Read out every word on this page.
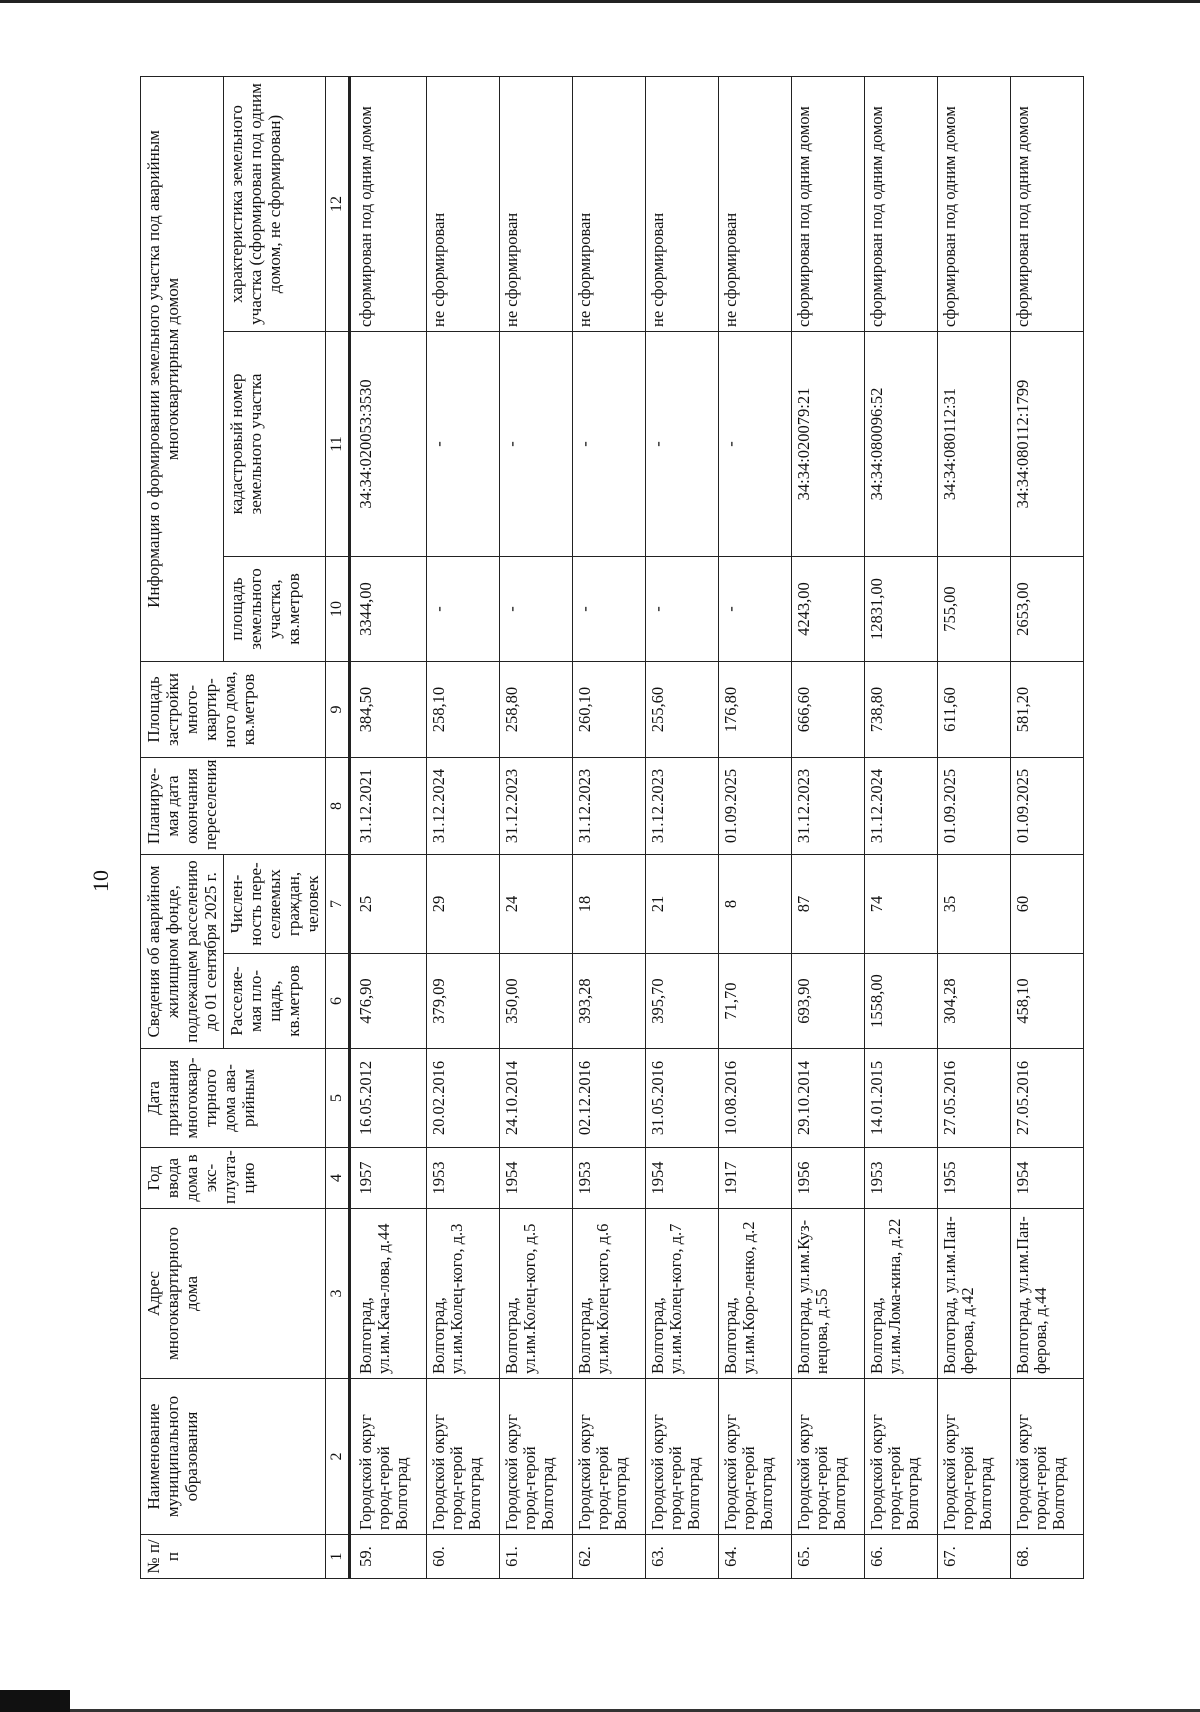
10
№ п/п	Наименование муниципального образования	Адрес многоквартирного дома	Год ввода дома в экс-плуата-цию	Дата признания многоквар-тирного дома ава-рийным	Сведения об аварийном жилищном фонде, подлежащем расселению до 01 сентября 2025 г.		Планируе-мая дата окончания переселения	Площадь застройки много-квартир-ного дома, кв.метров	Информация о формировании земельного участка под аварийным многоквартирным домом		
					Расселяе-мая пло-щадь, кв.метров	Числен-ность пере-селяемых граждан, человек			площадь земельного участка, кв.метров	кадастровый номер земельного участка	характеристика земельного участка (сформирован под одним домом, не сформирован)
1	2	3	4	5	6	7	8	9	10	11	12
59.	Городской округ город-герой Волгоград	Волгоград, ул.им.Кача-лова, д.44	1957	16.05.2012	476,90	25	31.12.2021	384,50	3344,00	34:34:020053:3530	сформирован под одним домом
60.	Городской округ город-герой Волгоград	Волгоград, ул.им.Колец-кого, д.3	1953	20.02.2016	379,09	29	31.12.2024	258,10	-	-	не сформирован
61.	Городской округ город-герой Волгоград	Волгоград, ул.им.Колец-кого, д.5	1954	24.10.2014	350,00	24	31.12.2023	258,80	-	-	не сформирован
62.	Городской округ город-герой Волгоград	Волгоград, ул.им.Колец-кого, д.6	1953	02.12.2016	393,28	18	31.12.2023	260,10	-	-	не сформирован
63.	Городской округ город-герой Волгоград	Волгоград, ул.им.Колец-кого, д.7	1954	31.05.2016	395,70	21	31.12.2023	255,60	-	-	не сформирован
64.	Городской округ город-герой Волгоград	Волгоград, ул.им.Коро-ленко, д.2	1917	10.08.2016	71,70	8	01.09.2025	176,80	-	-	не сформирован
65.	Городской округ город-герой Волгоград	Волгоград, ул.им.Куз-нецова, д.55	1956	29.10.2014	693,90	87	31.12.2023	666,60	4243,00	34:34:020079:21	сформирован под одним домом
66.	Городской округ город-герой Волгоград	Волгоград, ул.им.Лома-кина, д.22	1953	14.01.2015	1558,00	74	31.12.2024	738,80	12831,00	34:34:080096:52	сформирован под одним домом
67.	Городской округ город-герой Волгоград	Волгоград, ул.им.Пан-ферова, д.42	1955	27.05.2016	304,28	35	01.09.2025	611,60	755,00	34:34:080112:31	сформирован под одним домом
68.	Городской округ город-герой Волгоград	Волгоград, ул.им.Пан-ферова, д.44	1954	27.05.2016	458,10	60	01.09.2025	581,20	2653,00	34:34:080112:1799	сформирован под одним домом
